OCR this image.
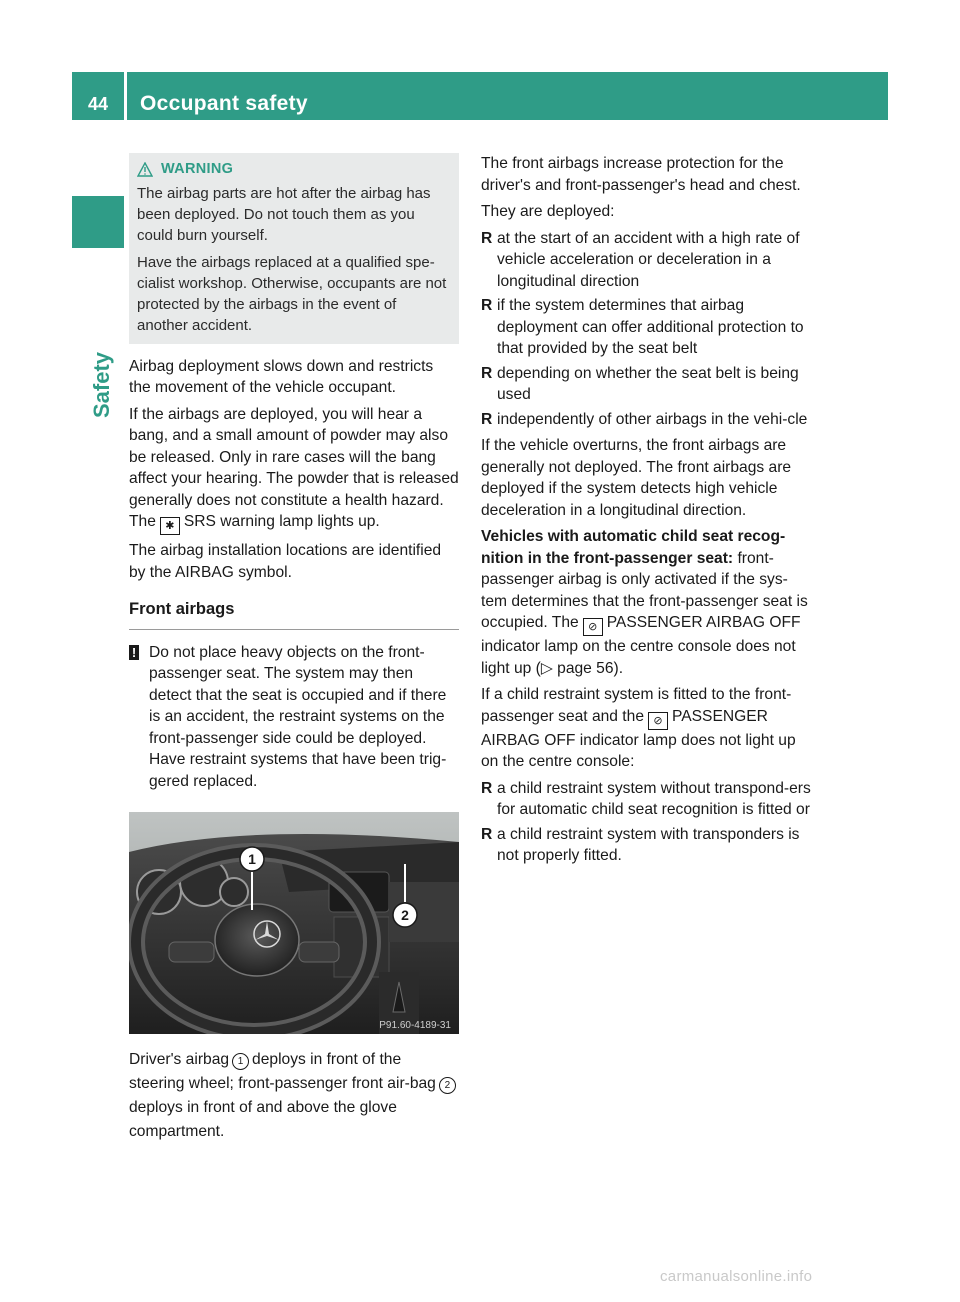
44	Occupant safety
Safety
WARNING

The airbag parts are hot after the airbag has been deployed. Do not touch them as you could burn yourself.

Have the airbags replaced at a qualified spe-cialist workshop. Otherwise, occupants are not protected by the airbags in the event of another accident.

Airbag deployment slows down and restricts the movement of the vehicle occupant.

If the airbags are deployed, you will hear a bang, and a small amount of powder may also be released. Only in rare cases will the bang affect your hearing. The powder that is released generally does not constitute a health hazard. The ✱ SRS warning lamp lights up.

The airbag installation locations are identified by the AIRBAG symbol.

Front airbags
! Do not place heavy objects on the front-passenger seat. The system may then detect that the seat is occupied and if there is an accident, the restraint systems on the front-passenger side could be deployed. Have restraint systems that have been trig-gered replaced.
1
2
P91.60-4189-31

Driver's airbag 1 deploys in front of the steering wheel; front-passenger front air-bag 2deploys in front of and above the glove compartment.

The front airbags increase protection for the driver's and front-passenger's head and chest.

They are deployed:

R at the start of an accident with a high rate of vehicle acceleration or deceleration in a longitudinal direction
R if the system determines that airbag deployment can offer additional protection to that provided by the seat belt
R depending on whether the seat belt is being used
R independently of other airbags in the vehi-cle

If the vehicle overturns, the front airbags are generally not deployed. The front airbags are deployed if the system detects high vehicle deceleration in a longitudinal direction.

Vehicles with automatic child seat recog-nition in the front-passenger seat: front-passenger airbag is only activated if the sys-tem determines that the front-passenger seat is occupied. The ⊘ PASSENGER AIRBAG OFF indicator lamp on the centre console does not light up (▷ page 56).

If a child restraint system is fitted to the front-passenger seat and the ⊘ PASSENGER AIRBAG OFF indicator lamp does not light up on the centre console:

R a child restraint system without transpond-ers for automatic child seat recognition is fitted or
R a child restraint system with transponders is not properly fitted.
carmanualsonline.info
